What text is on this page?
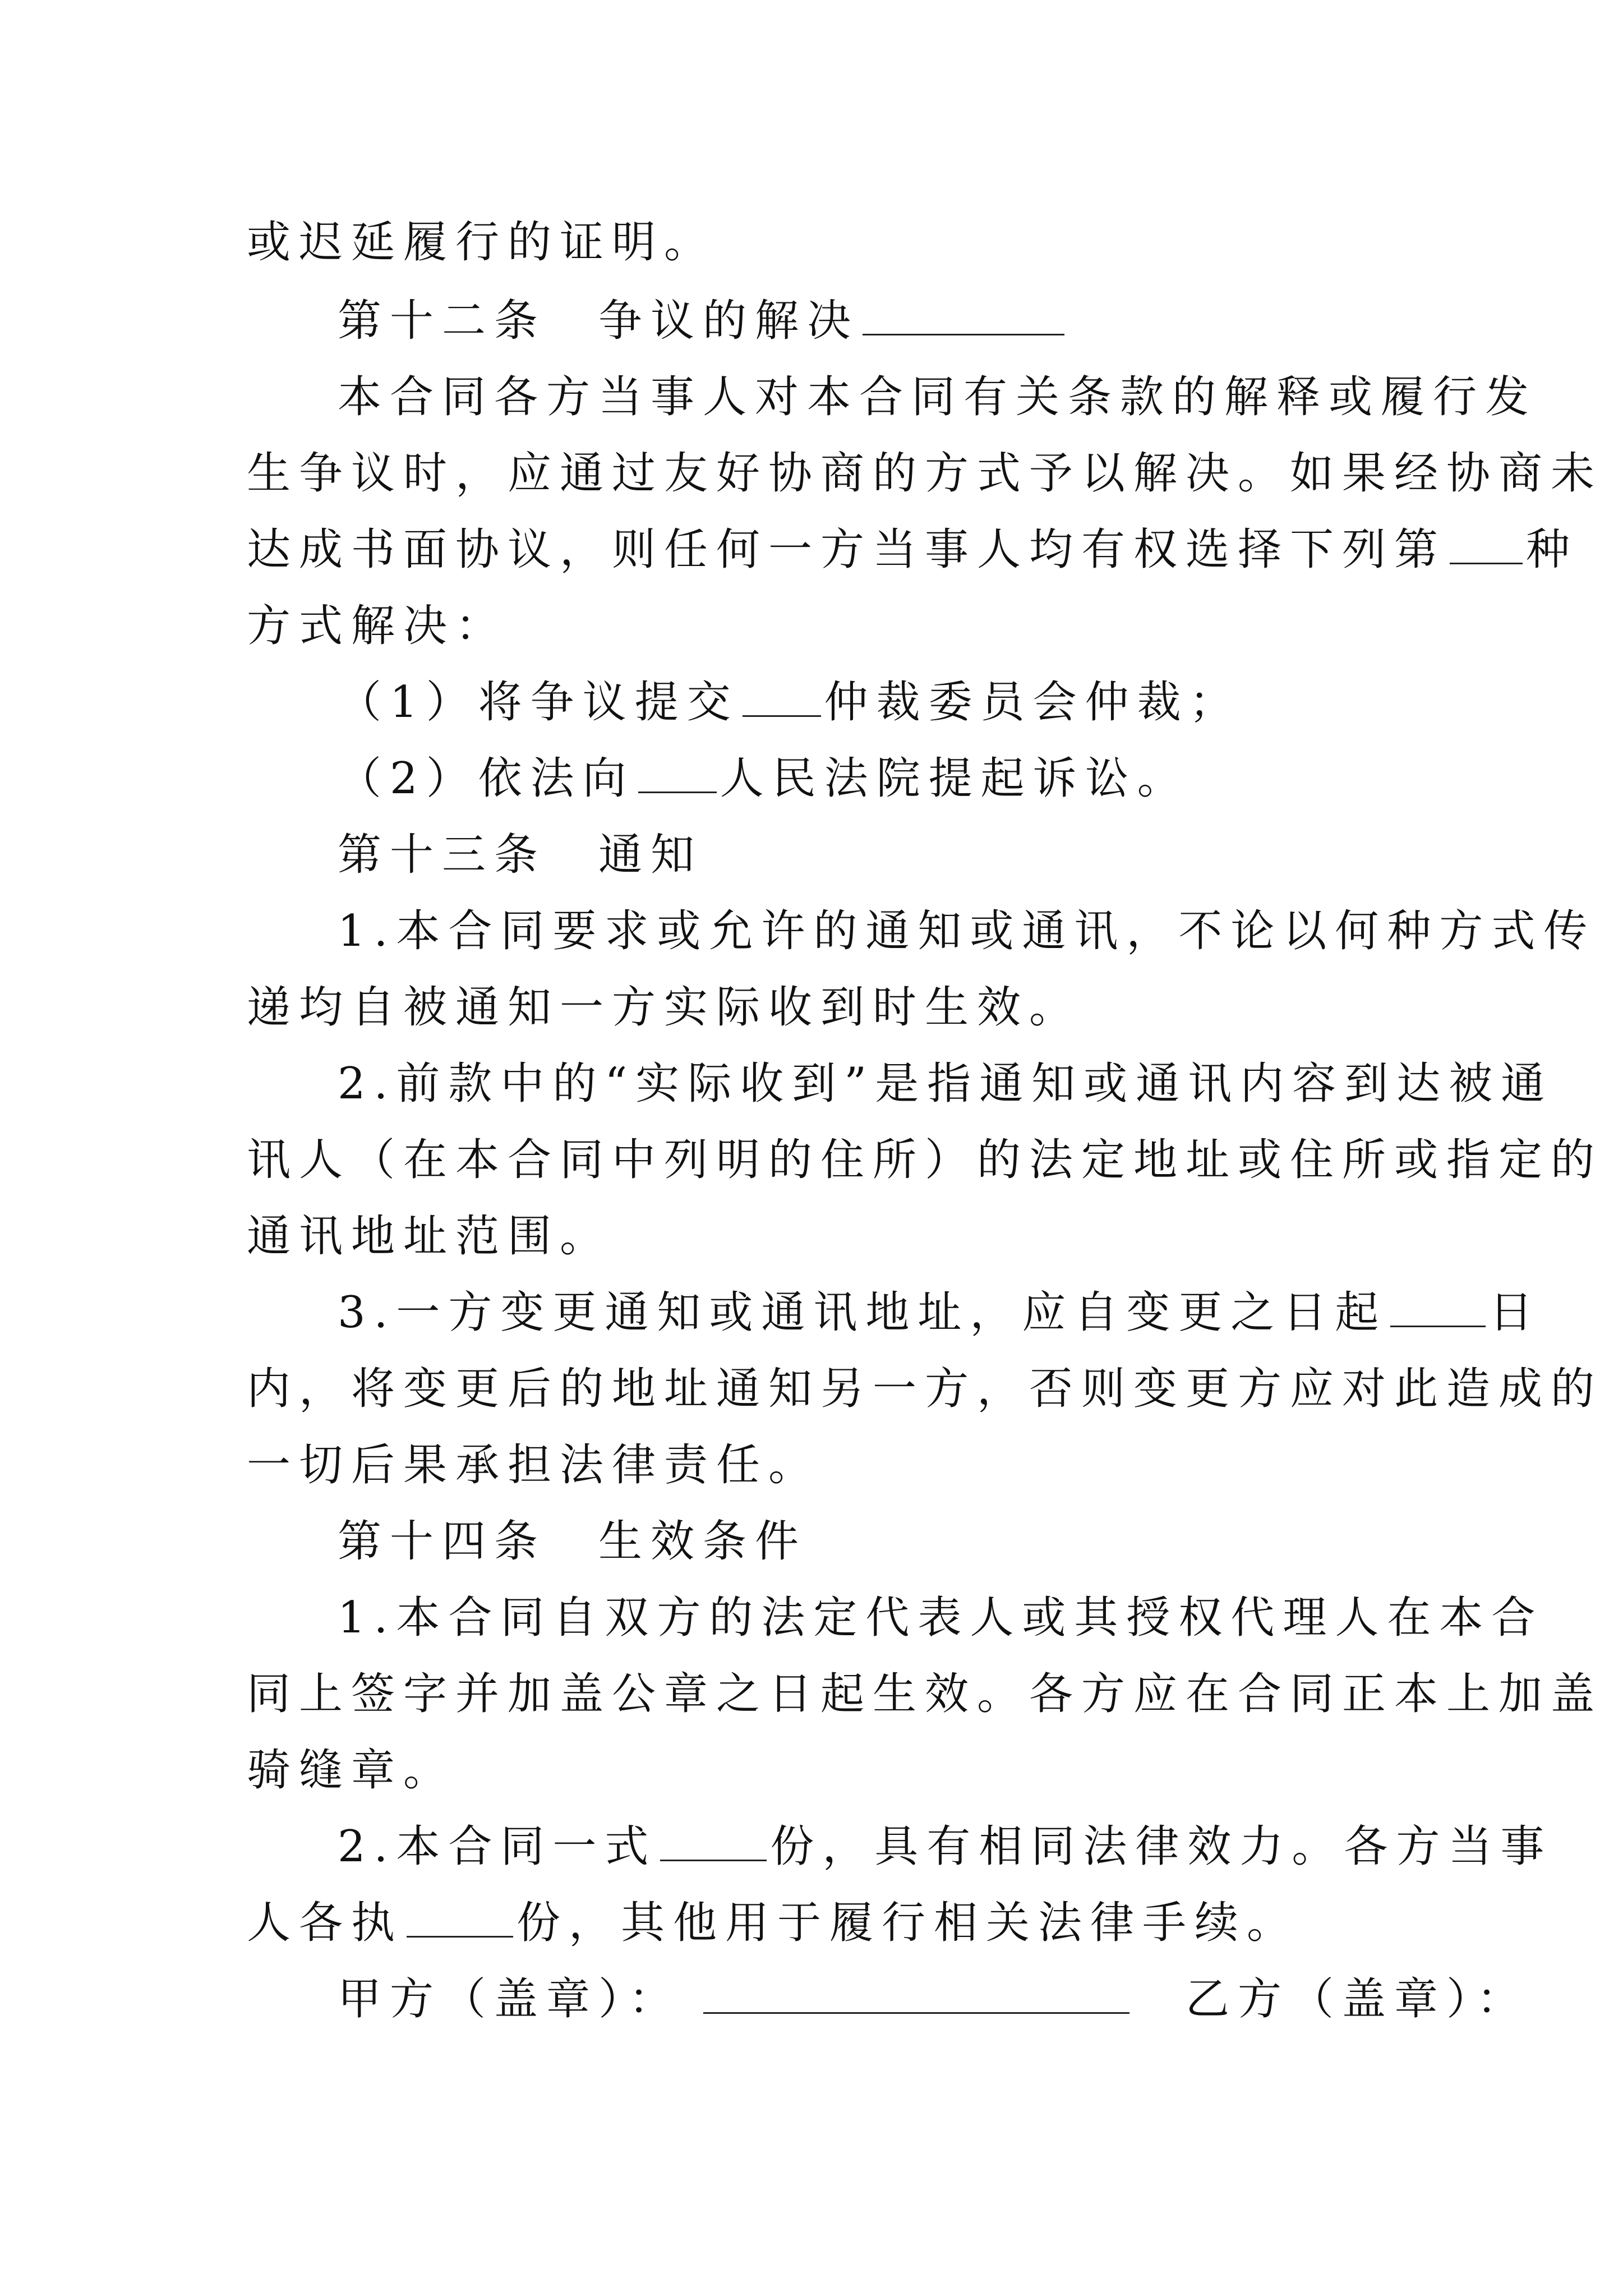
或迟延履行的证明。
第十二条　争议的解决
本合同各方当事人对本合同有关条款的解释或履行发
生争议时，应通过友好协商的方式予以解决。如果经协商未
达成书面协议，则任何一方当事人均有权选择下列第 种
方式解决：
（1）将争议提交 仲裁委员会仲裁；
（2）依法向 人民法院提起诉讼。
第十三条　通知
1.本合同要求或允许的通知或通讯，不论以何种方式传
递均自被通知一方实际收到时生效。
2.前款中的“实际收到”是指通知或通讯内容到达被通
讯人（在本合同中列明的住所）的法定地址或住所或指定的
通讯地址范围。
3.一方变更通知或通讯地址，应自变更之日起 日
内，将变更后的地址通知另一方，否则变更方应对此造成的
一切后果承担法律责任。
第十四条　生效条件
1.本合同自双方的法定代表人或其授权代理人在本合
同上签字并加盖公章之日起生效。各方应在合同正本上加盖
骑缝章。
2.本合同一式	份，具有相同法律效力。各方当事
人各执	份，其他用于履行相关法律手续。
甲方（盖章）：	乙方（盖章）：
